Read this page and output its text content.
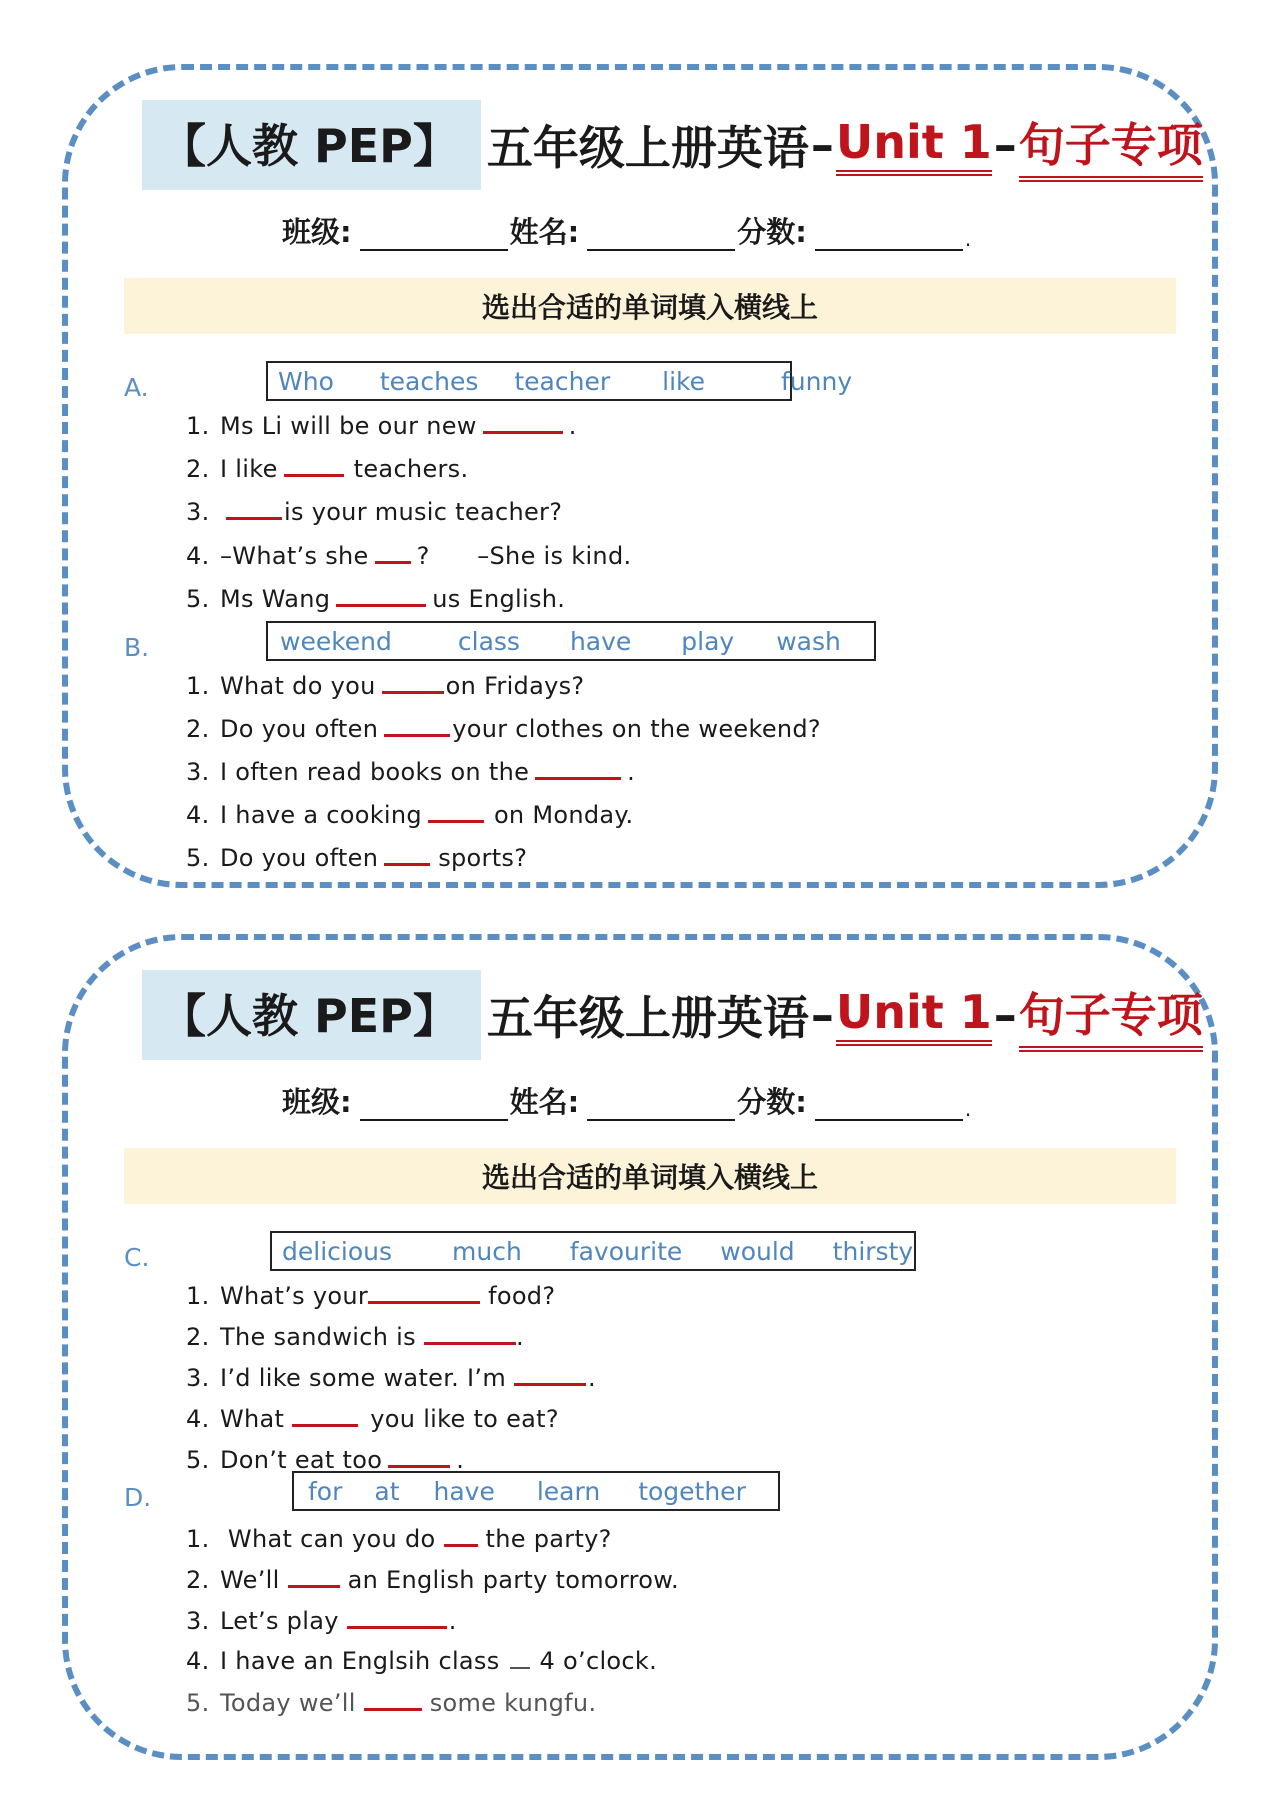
【人教 PEP】 五年级上册英语 – Unit 1 – 句子专项
班级:	姓名:	分数:	.
选出合适的单词填入横线上
A.	Who teaches teacher like	funny
1. Ms Li will be our new	.
2. I like	teachers.
3.	is your music teacher?
4. –What’s she ?      –She is kind.
5. Ms Wang	us English.
B.	weekend	class have play wash
1. What do you	on Fridays?
2. Do you often	your clothes on the weekend?
3. I often read books on the	.
4. I have a cooking	on Monday.
5. Do you often	sports?
【人教 PEP】 五年级上册英语 – Unit 1 – 句子专项
班级:	姓名:	分数:	.
选出合适的单词填入横线上
C.	delicious much favourite would thirsty
1. What’s your	food?
2. The sandwich is	.
3. I’d like some water. I’m	.
4. What	you like to eat?
5. Don’t eat too	.
D.	for at have learn together
1. What can you do the party?
2. We’ll	an English party tomorrow.
3. Let’s play	.
4. I have an Englsih class 4 o’clock.
5. Today we’ll	some kungfu.
